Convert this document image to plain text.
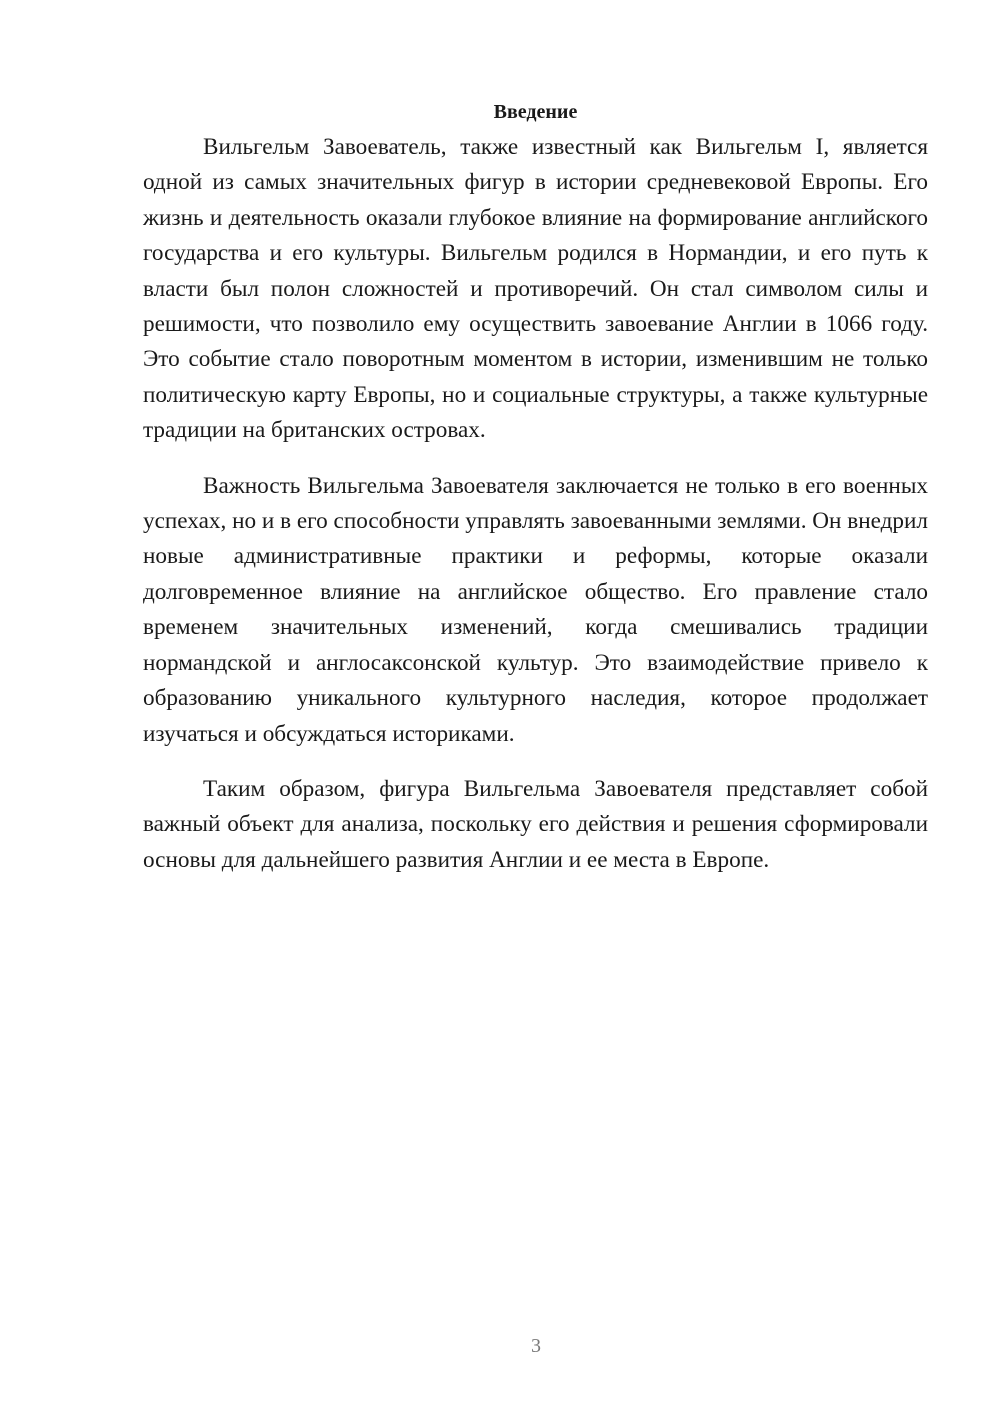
Введение

Вильгельм Завоеватель, также известный как Вильгельм I, является одной из самых значительных фигур в истории средневековой Европы. Его жизнь и деятельность оказали глубокое влияние на формирование английского государства и его культуры. Вильгельм родился в Нормандии, и его путь к власти был полон сложностей и противоречий. Он стал символом силы и решимости, что позволило ему осуществить завоевание Англии в 1066 году. Это событие стало поворотным моментом в истории, изменившим не только политическую карту Европы, но и социальные структуры, а также культурные традиции на британских островах.

Важность Вильгельма Завоевателя заключается не только в его военных успехах, но и в его способности управлять завоеванными землями. Он внедрил новые административные практики и реформы, которые оказали долговременное влияние на английское общество. Его правление стало временем значительных изменений, когда смешивались традиции нормандской и англосаксонской культур. Это взаимодействие привело к образованию уникального культурного наследия, которое продолжает изучаться и обсуждаться историками.

Таким образом, фигура Вильгельма Завоевателя представляет собой важный объект для анализа, поскольку его действия и решения сформировали основы для дальнейшего развития Англии и ее места в Европе.

3
